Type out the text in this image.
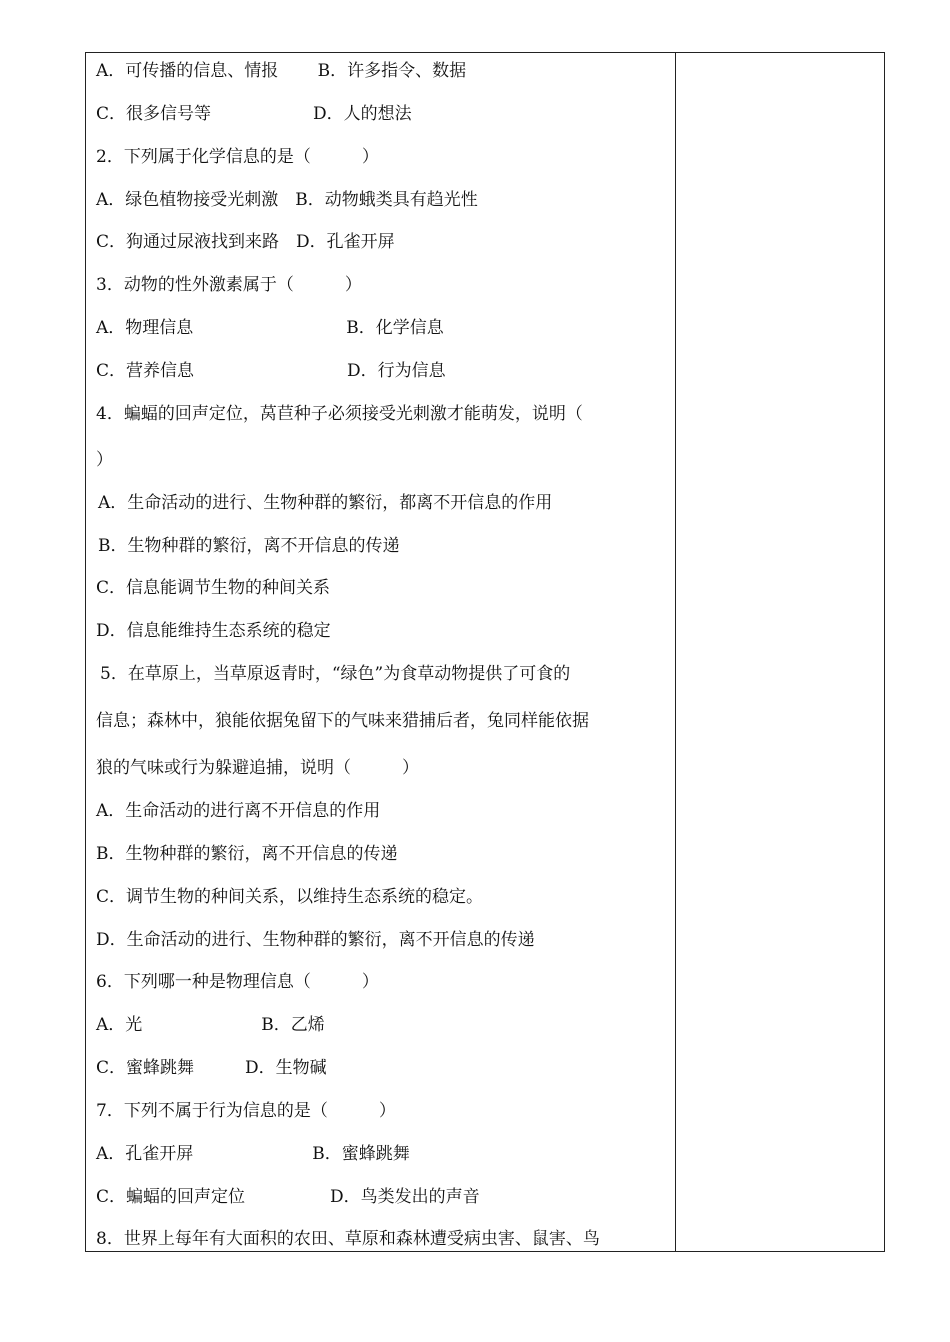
A．可传播的信息、情报　　 B．许多指令、数据
C．很多信号等　　　　　　D．人的想法
2．下列属于化学信息的是（　　　）
A．绿色植物接受光刺激　B．动物蛾类具有趋光性
C．狗通过尿液找到来路　D．孔雀开屏
3．动物的性外激素属于（　　　）
A．物理信息　　　　　　　　　B．化学信息
C．营养信息　　　　　　　　　D．行为信息
4．蝙蝠的回声定位，莴苣种子必须接受光刺激才能萌发，说明（
）
A．生命活动的进行、生物种群的繁衍，都离不开信息的作用
B．生物种群的繁衍，离不开信息的传递
C．信息能调节生物的种间关系
D．信息能维持生态系统的稳定
5．在草原上，当草原返青时，“绿色”为食草动物提供了可食的
信息；森林中，狼能依据兔留下的气味来猎捕后者，兔同样能依据
狼的气味或行为躲避追捕，说明（　　　）
A．生命活动的进行离不开信息的作用
B．生物种群的繁衍，离不开信息的传递
C．调节生物的种间关系，以维持生态系统的稳定。
D．生命活动的进行、生物种群的繁衍，离不开信息的传递
6．下列哪一种是物理信息（　　　）
A．光　　　　　　　B．乙烯
C．蜜蜂跳舞　　　D．生物碱
7．下列不属于行为信息的是（　　　）
A．孔雀开屏　　　　　　　B．蜜蜂跳舞
C．蝙蝠的回声定位　　　　　D．鸟类发出的声音
8．世界上每年有大面积的农田、草原和森林遭受病虫害、鼠害、鸟
